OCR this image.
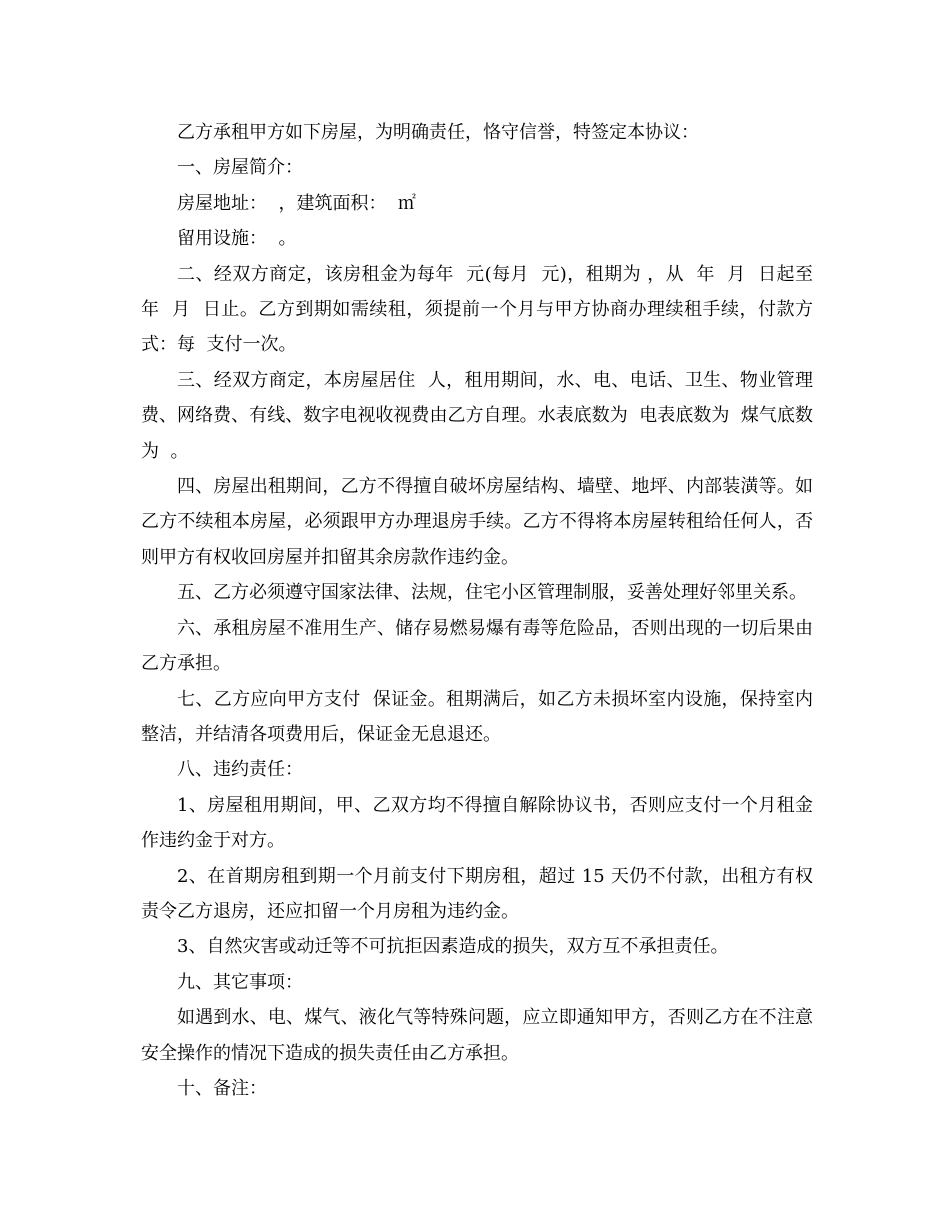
乙方承租甲方如下房屋，为明确责任，恪守信誉，特签定本协议：

一、房屋简介：

房屋地址：  ，建筑面积：  ㎡

留用设施：  。

二、经双方商定，该房租金为每年  元(每月  元)，租期为 ，从  年  月  日起至  年  月  日止。乙方到期如需续租，须提前一个月与甲方协商办理续租手续，付款方式：每  支付一次。

三、经双方商定，本房屋居住  人，租用期间，水、电、电话、卫生、物业管理费、网络费、有线、数字电视收视费由乙方自理。水表底数为  电表底数为  煤气底数为  。

四、房屋出租期间，乙方不得擅自破坏房屋结构、墙壁、地坪、内部装潢等。如乙方不续租本房屋，必须跟甲方办理退房手续。乙方不得将本房屋转租给任何人，否则甲方有权收回房屋并扣留其余房款作违约金。

五、乙方必须遵守国家法律、法规，住宅小区管理制服，妥善处理好邻里关系。

六、承租房屋不准用生产、储存易燃易爆有毒等危险品，否则出现的一切后果由乙方承担。

七、乙方应向甲方支付  保证金。租期满后，如乙方未损坏室内设施，保持室内整洁，并结清各项费用后，保证金无息退还。

八、违约责任：

1、房屋租用期间，甲、乙双方均不得擅自解除协议书，否则应支付一个月租金作违约金于对方。

2、在首期房租到期一个月前支付下期房租，超过 15 天仍不付款，出租方有权责令乙方退房，还应扣留一个月房租为违约金。

3、自然灾害或动迁等不可抗拒因素造成的损失，双方互不承担责任。

九、其它事项：

如遇到水、电、煤气、液化气等特殊问题，应立即通知甲方，否则乙方在不注意安全操作的情况下造成的损失责任由乙方承担。

十、备注：
